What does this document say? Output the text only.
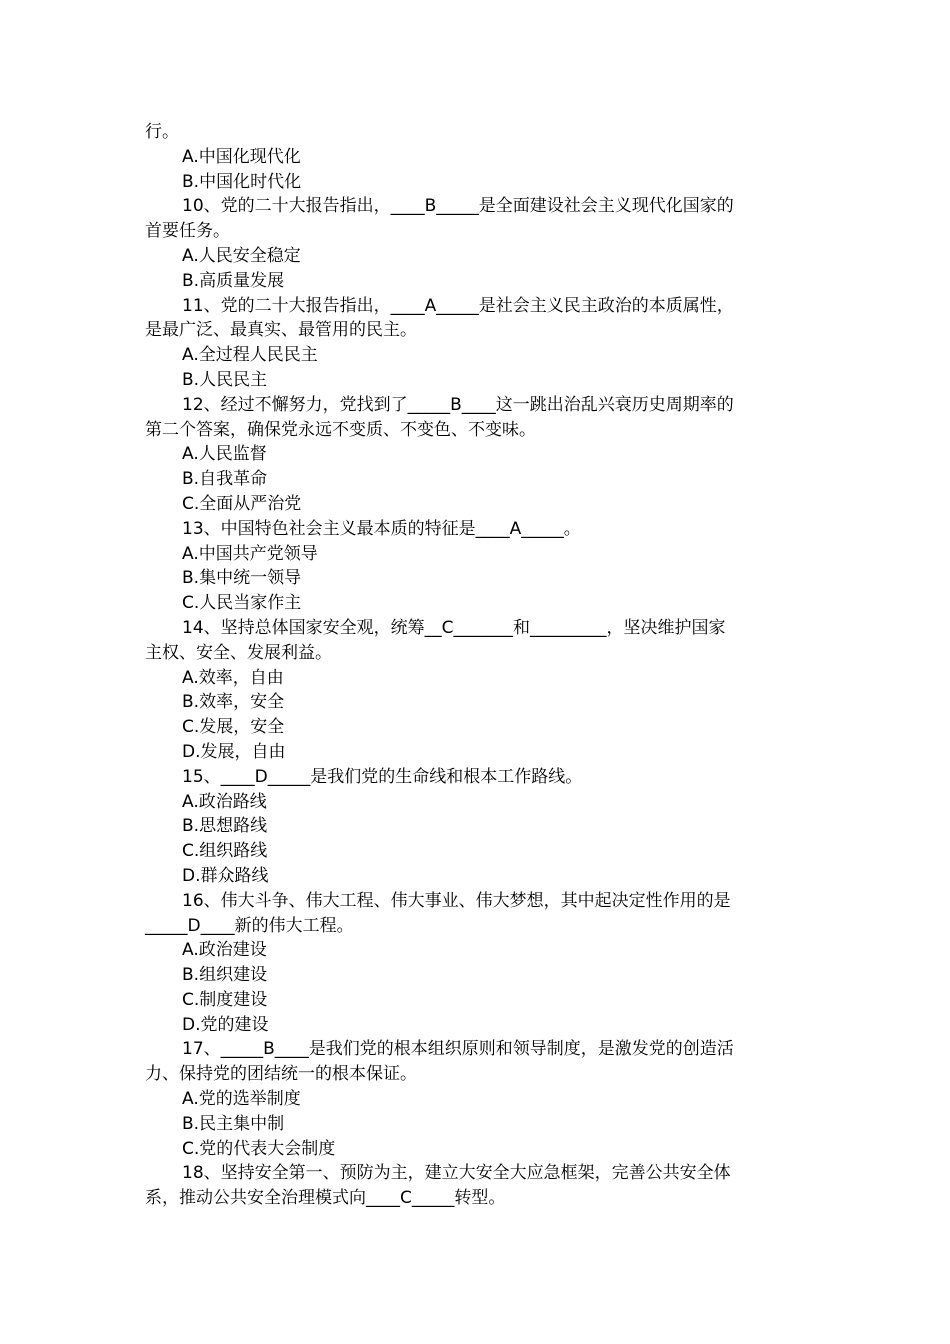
行。
A.中国化现代化
B.中国化时代化
10、党的二十大报告指出，____B_____是全面建设社会主义现代化国家的
首要任务。
A.人民安全稳定
B.高质量发展
11、党的二十大报告指出，____A_____是社会主义民主政治的本质属性，
是最广泛、最真实、最管用的民主。
A.全过程人民民主
B.人民民主
12、经过不懈努力，党找到了_____B____这一跳出治乱兴衰历史周期率的
第二个答案，确保党永远不变质、不变色、不变味。
A.人民监督
B.自我革命
C.全面从严治党
13、中国特色社会主义最本质的特征是____A_____。
A.中国共产党领导
B.集中统一领导
C.人民当家作主
14、坚持总体国家安全观，统筹__C_______和_________，坚决维护国家
主权、安全、发展利益。
A.效率，自由
B.效率，安全
C.发展，安全
D.发展，自由
15、____D_____是我们党的生命线和根本工作路线。
A.政治路线
B.思想路线
C.组织路线
D.群众路线
16、伟大斗争、伟大工程、伟大事业、伟大梦想，其中起决定性作用的是
_____D____新的伟大工程。
A.政治建设
B.组织建设
C.制度建设
D.党的建设
17、_____B____是我们党的根本组织原则和领导制度，是激发党的创造活
力、保持党的团结统一的根本保证。
A.党的选举制度
B.民主集中制
C.党的代表大会制度
18、坚持安全第一、预防为主，建立大安全大应急框架，完善公共安全体
系，推动公共安全治理模式向____C_____转型。
